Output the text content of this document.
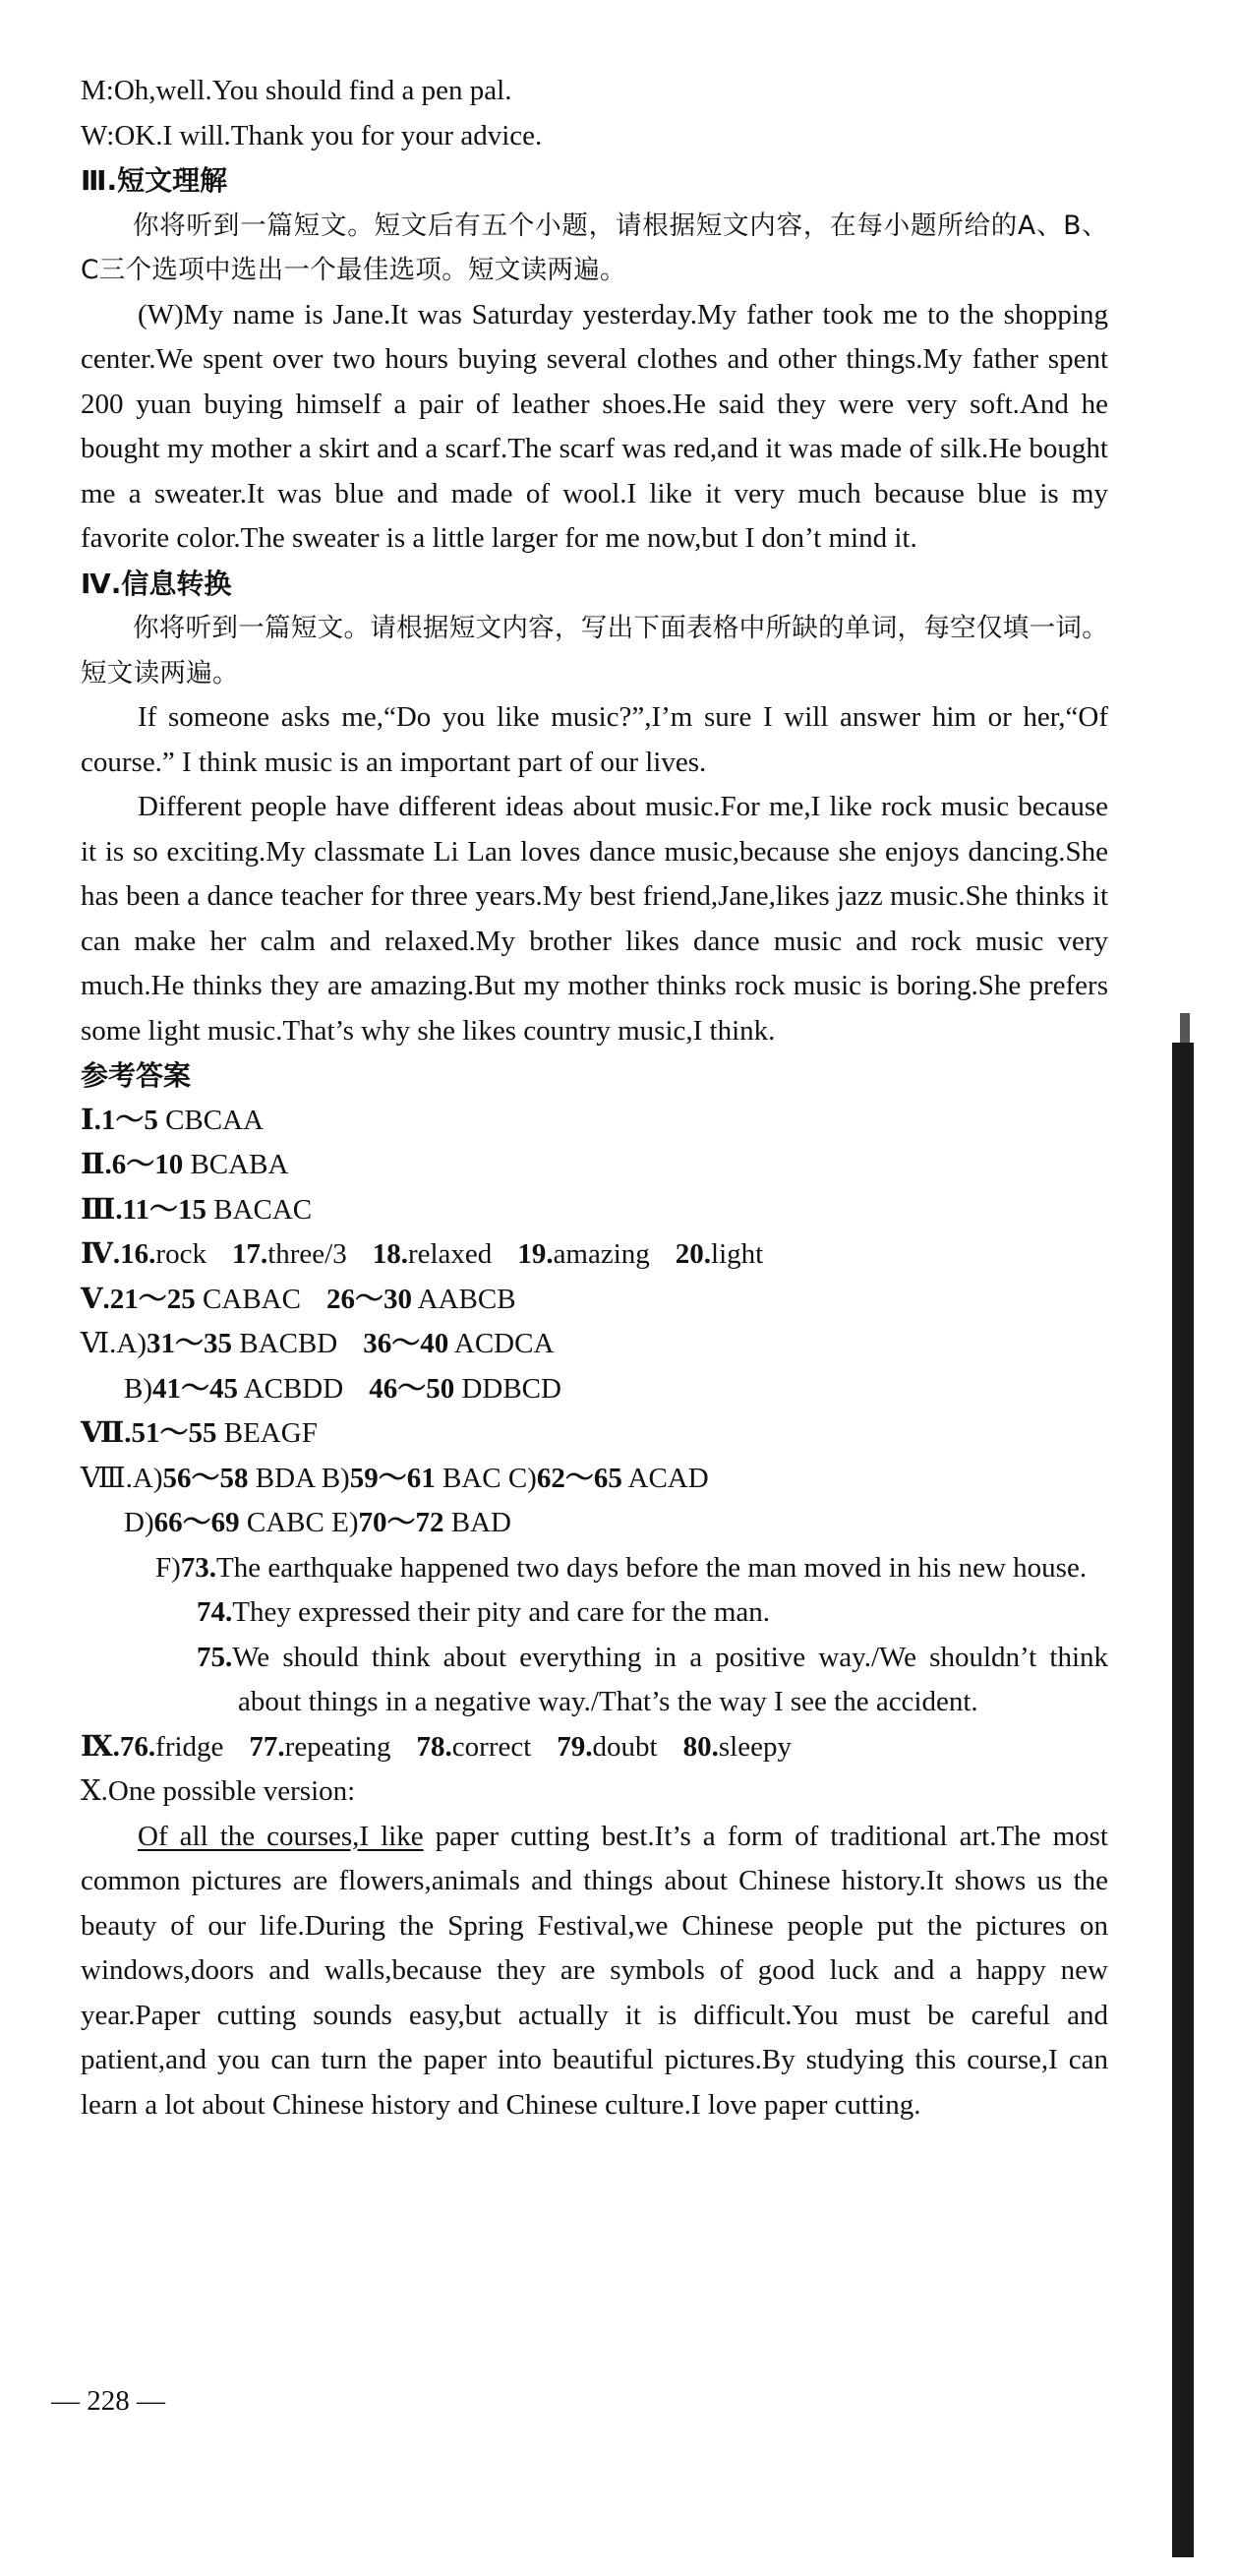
M:Oh,well.You should find a pen pal.
W:OK.I will.Thank you for your advice.
Ⅲ.短文理解
你将听到一篇短文。短文后有五个小题，请根据短文内容，在每小题所给的A、B、C三个选项中选出一个最佳选项。短文读两遍。
(W)My name is Jane.It was Saturday yesterday.My father took me to the shopping center.We spent over two hours buying several clothes and other things.My father spent 200 yuan buying himself a pair of leather shoes.He said they were very soft.And he bought my mother a skirt and a scarf.The scarf was red,and it was made of silk.He bought me a sweater.It was blue and made of wool.I like it very much because blue is my favorite color.The sweater is a little larger for me now,but I don’t mind it.
Ⅳ.信息转换
你将听到一篇短文。请根据短文内容，写出下面表格中所缺的单词，每空仅填一词。短文读两遍。
If someone asks me,“Do you like music?”,I’m sure I will answer him or her,“Of course.” I think music is an important part of our lives.
Different people have different ideas about music.For me,I like rock music because it is so exciting.My classmate Li Lan loves dance music,because she enjoys dancing.She has been a dance teacher for three years.My best friend,Jane,likes jazz music.She thinks it can make her calm and relaxed.My brother likes dance music and rock music very much.He thinks they are amazing.But my mother thinks rock music is boring.She prefers some light music.That’s why she likes country music,I think.
参考答案
Ⅰ.1～5 CBCAA
Ⅱ.6～10 BCABA
Ⅲ.11～15 BACAC
Ⅳ.16.rock 17.three/3 18.relaxed 19.amazing 20.light
Ⅴ.21～25 CABAC 26～30 AABCB
Ⅵ.A)31～35 BACBD 36～40 ACDCA
B)41～45 ACBDD 46～50 DDBCD
Ⅶ.51～55 BEAGF
Ⅷ.A)56～58 BDA B)59～61 BAC C)62～65 ACAD
D)66～69 CABC E)70～72 BAD
F)73.The earthquake happened two days before the man moved in his new house.
74.They expressed their pity and care for the man.
75.We should think about everything in a positive way./We shouldn’t think about things in a negative way./That’s the way I see the accident.
Ⅸ.76.fridge 77.repeating 78.correct 79.doubt 80.sleepy
Ⅹ.One possible version:
Of all the courses,I like paper cutting best.It’s a form of traditional art.The most common pictures are flowers,animals and things about Chinese history.It shows us the beauty of our life.During the Spring Festival,we Chinese people put the pictures on windows,doors and walls,because they are symbols of good luck and a happy new year.Paper cutting sounds easy,but actually it is difficult.You must be careful and patient,and you can turn the paper into beautiful pictures.By studying this course,I can learn a lot about Chinese history and Chinese culture.I love paper cutting.
— 228 —
